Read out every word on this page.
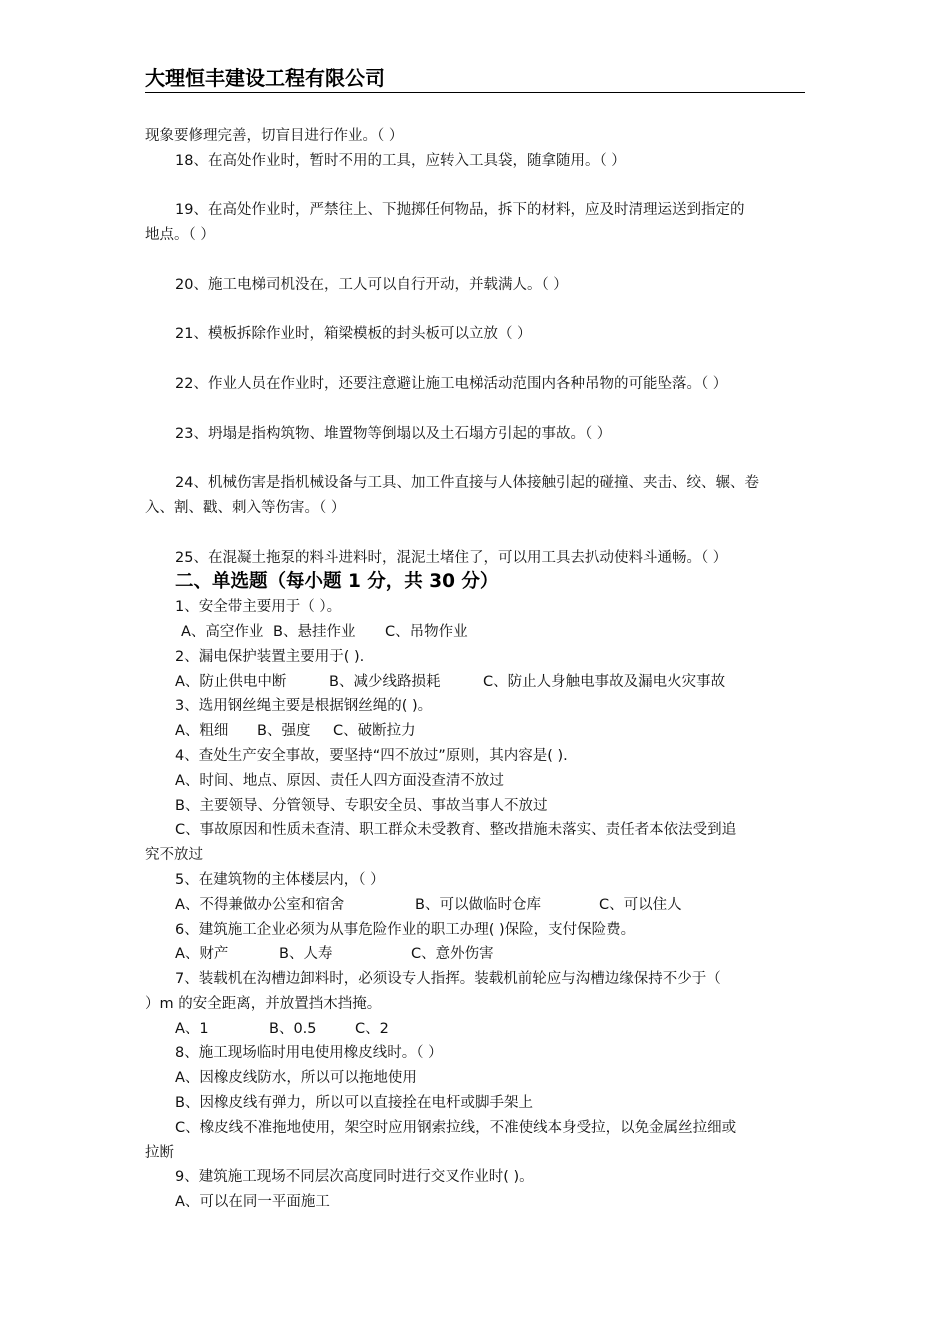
大理恒丰建设工程有限公司
现象要修理完善，切盲目进行作业。（ ）
18、在高处作业时，暂时不用的工具，应转入工具袋，随拿随用。（ ）
19、在高处作业时，严禁往上、下抛掷任何物品，拆下的材料，应及时清理运送到指定的
地点。（ ）
20、施工电梯司机没在，工人可以自行开动，并载满人。（ ）
21、模板拆除作业时，箱梁模板的封头板可以立放（ ）
22、作业人员在作业时，还要注意避让施工电梯活动范围内各种吊物的可能坠落。（ ）
23、坍塌是指构筑物、堆置物等倒塌以及土石塌方引起的事故。（ ）
24、机械伤害是指机械设备与工具、加工件直接与人体接触引起的碰撞、夹击、绞、辗、卷
入、割、戳、刺入等伤害。（ ）
25、在混凝土拖泵的料斗进料时，混泥土堵住了，可以用工具去扒动使料斗通畅。（ ）
二、单选题（每小题 1 分，共 30 分）
1、安全带主要用于（ ）。
A、高空作业 B、悬挂作业 C、吊物作业
2、漏电保护装置主要用于( ).
A、防止供电中断	B、减少线路损耗	C、防止人身触电事故及漏电火灾事故
3、选用钢丝绳主要是根据钢丝绳的( )。
A、粗细 B、强度 C、破断拉力
4、查处生产安全事故，要坚持“四不放过”原则，其内容是( ).
A、时间、地点、原因、责任人四方面没查清不放过
B、主要领导、分管领导、专职安全员、事故当事人不放过
C、事故原因和性质未查清、职工群众未受教育、整改措施未落实、责任者本依法受到追
究不放过
5、在建筑物的主体楼层内，（ ）
A、不得兼做办公室和宿舍	B、可以做临时仓库	C、可以住人
6、建筑施工企业必须为从事危险作业的职工办理( )保险，支付保险费。
A、财产	B、人寿	C、意外伤害
7、装载机在沟槽边卸料时，必须设专人指挥。装载机前轮应与沟槽边缘保持不少于（
）m 的安全距离，并放置挡木挡掩。
A、1	B、0.5	C、2
8、施工现场临时用电使用橡皮线时。（ ）
A、因橡皮线防水，所以可以拖地使用
B、因橡皮线有弹力，所以可以直接拴在电杆或脚手架上
C、橡皮线不准拖地使用，架空时应用钢索拉线，不准使线本身受拉，以免金属丝拉细或
拉断
9、建筑施工现场不同层次高度同时进行交叉作业时( )。
A、可以在同一平面施工
